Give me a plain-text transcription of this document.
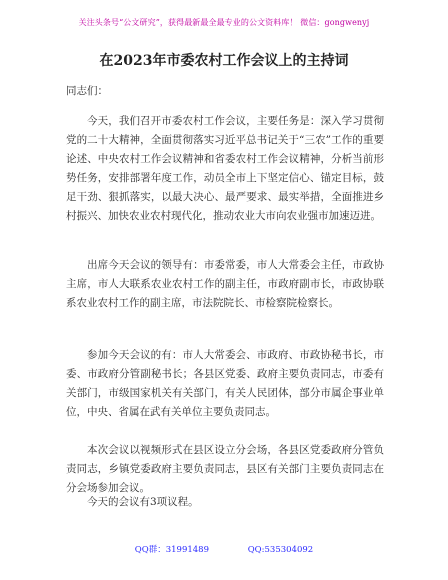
关注头条号“公文研究”，获得最新最全最专业的公文资料库！ 微信：gongwenyj
在2023年市委农村工作会议上的主持词
同志们：

今天，我们召开市委农村工作会议，主要任务是：深入学习贯彻党的二十大精神，全面贯彻落实习近平总书记关于“三农”工作的重要论述、中央农村工作会议精神和省委农村工作会议精神，分析当前形势任务，安排部署年度工作，动员全市上下坚定信心、锚定目标，鼓足干劲、狠抓落实，以最大决心、最严要求、最实举措，全面推进乡村振兴、加快农业农村现代化，推动农业大市向农业强市加速迈进。

出席今天会议的领导有：市委常委，市人大常委会主任，市政协主席，市人大联系农业农村工作的副主任，市政府副市长，市政协联系农业农村工作的副主席，市法院院长、市检察院检察长。

参加今天会议的有：市人大常委会、市政府、市政协秘书长，市委、市政府分管副秘书长；各县区党委、政府主要负责同志，市委有关部门，市级国家机关有关部门，有关人民团体，部分市属企事业单位，中央、省属在武有关单位主要负责同志。

本次会议以视频形式在县区设立分会场，各县区党委政府分管负责同志，乡镇党委政府主要负责同志，县区有关部门主要负责同志在分会场参加会议。

今天的会议有3项议程。

QQ群：31991489	QQ:535304092
